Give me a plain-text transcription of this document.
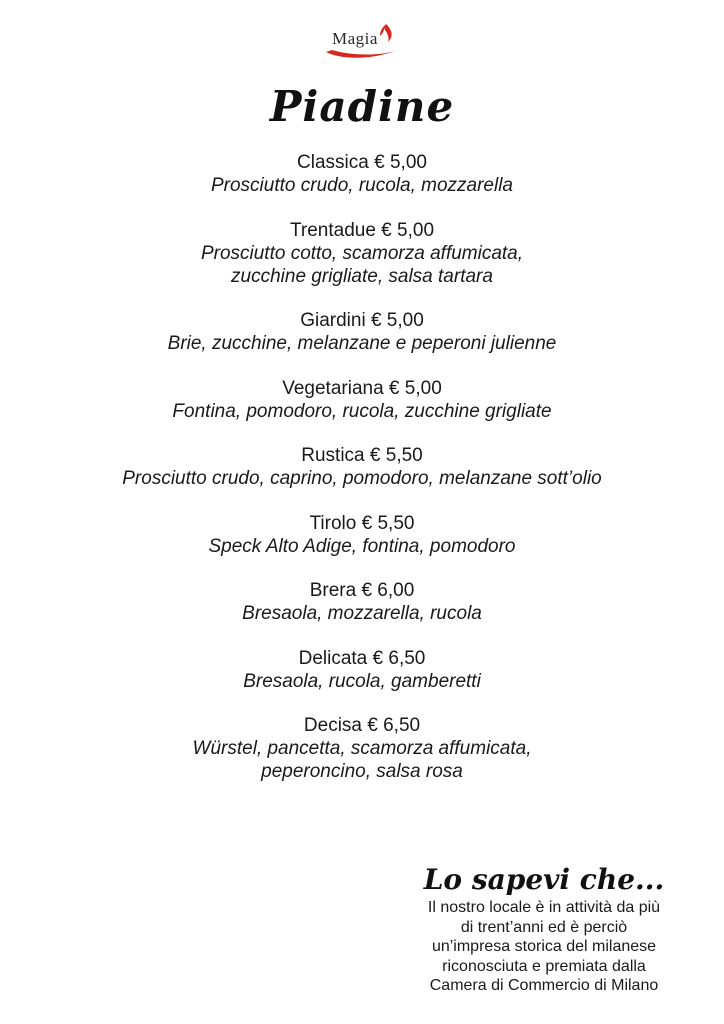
Magia
Piadine
Classica € 5,00
Prosciutto crudo, rucola, mozzarella
Trentadue € 5,00
Prosciutto cotto, scamorza affumicata,
zucchine grigliate, salsa tartara
Giardini € 5,00
Brie, zucchine, melanzane e peperoni julienne
Vegetariana € 5,00
Fontina, pomodoro, rucola, zucchine grigliate
Rustica € 5,50
Prosciutto crudo, caprino, pomodoro, melanzane sott’olio
Tirolo € 5,50
Speck Alto Adige, fontina, pomodoro
Brera € 6,00
Bresaola, mozzarella, rucola
Delicata € 6,50
Bresaola, rucola, gamberetti
Decisa € 6,50
Würstel, pancetta, scamorza affumicata,
peperoncino, salsa rosa
Lo sapevi che...
Il nostro locale è in attività da più
di trent’anni ed è perciò
un’impresa storica del milanese
riconosciuta e premiata dalla
Camera di Commercio di Milano
